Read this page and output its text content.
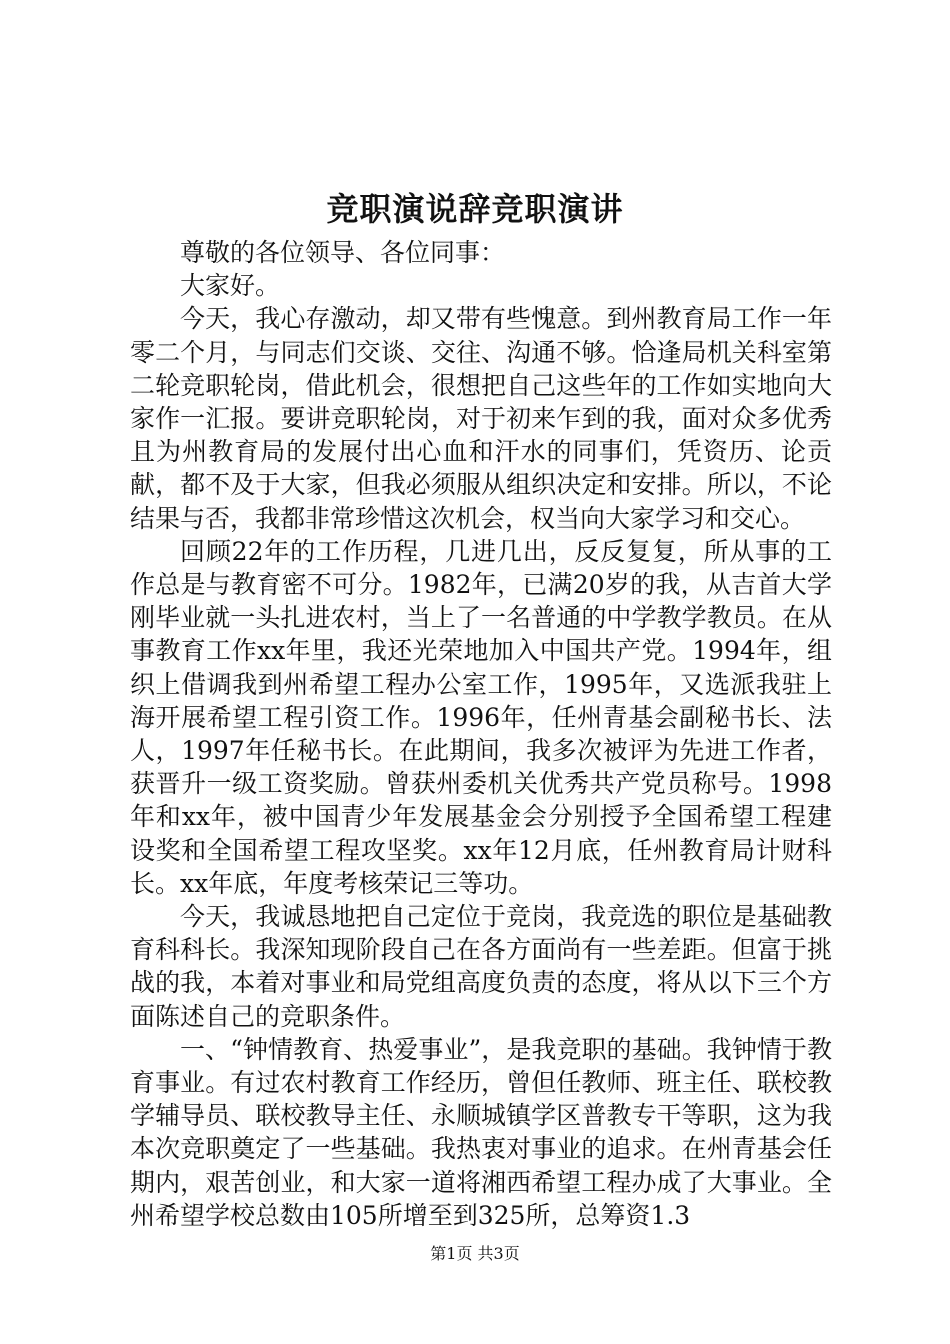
竞职演说辞竞职演讲

尊敬的各位领导、各位同事：

大家好。

今天，我心存激动，却又带有些愧意。到州教育局工作一年零二个月，与同志们交谈、交往、沟通不够。恰逢局机关科室第二轮竞职轮岗，借此机会，很想把自己这些年的工作如实地向大家作一汇报。要讲竞职轮岗，对于初来乍到的我，面对众多优秀且为州教育局的发展付出心血和汗水的同事们，凭资历、论贡献，都不及于大家，但我必须服从组织决定和安排。所以，不论结果与否，我都非常珍惜这次机会，权当向大家学习和交心。

回顾22年的工作历程，几进几出，反反复复，所从事的工作总是与教育密不可分。1982年，已满20岁的我，从吉首大学刚毕业就一头扎进农村，当上了一名普通的中学教学教员。在从事教育工作xx年里，我还光荣地加入中国共产党。1994年，组织上借调我到州希望工程办公室工作，1995年，又选派我驻上海开展希望工程引资工作。1996年，任州青基会副秘书长、法人，1997年任秘书长。在此期间，我多次被评为先进工作者，获晋升一级工资奖励。曾获州委机关优秀共产党员称号。1998年和xx年，被中国青少年发展基金会分别授予全国希望工程建设奖和全国希望工程攻坚奖。xx年12月底，任州教育局计财科长。xx年底，年度考核荣记三等功。

今天，我诚恳地把自己定位于竞岗，我竞选的职位是基础教育科科长。我深知现阶段自己在各方面尚有一些差距。但富于挑战的我，本着对事业和局党组高度负责的态度，将从以下三个方面陈述自己的竞职条件。

一、“钟情教育、热爱事业”，是我竞职的基础。我钟情于教育事业。有过农村教育工作经历，曾但任教师、班主任、联校教学辅导员、联校教导主任、永顺城镇学区普教专干等职，这为我本次竞职奠定了一些基础。我热衷对事业的追求。在州青基会任期内，艰苦创业，和大家一道将湘西希望工程办成了大事业。全州希望学校总数由105所增至到325所，总筹资1.3

第1页 共3页
